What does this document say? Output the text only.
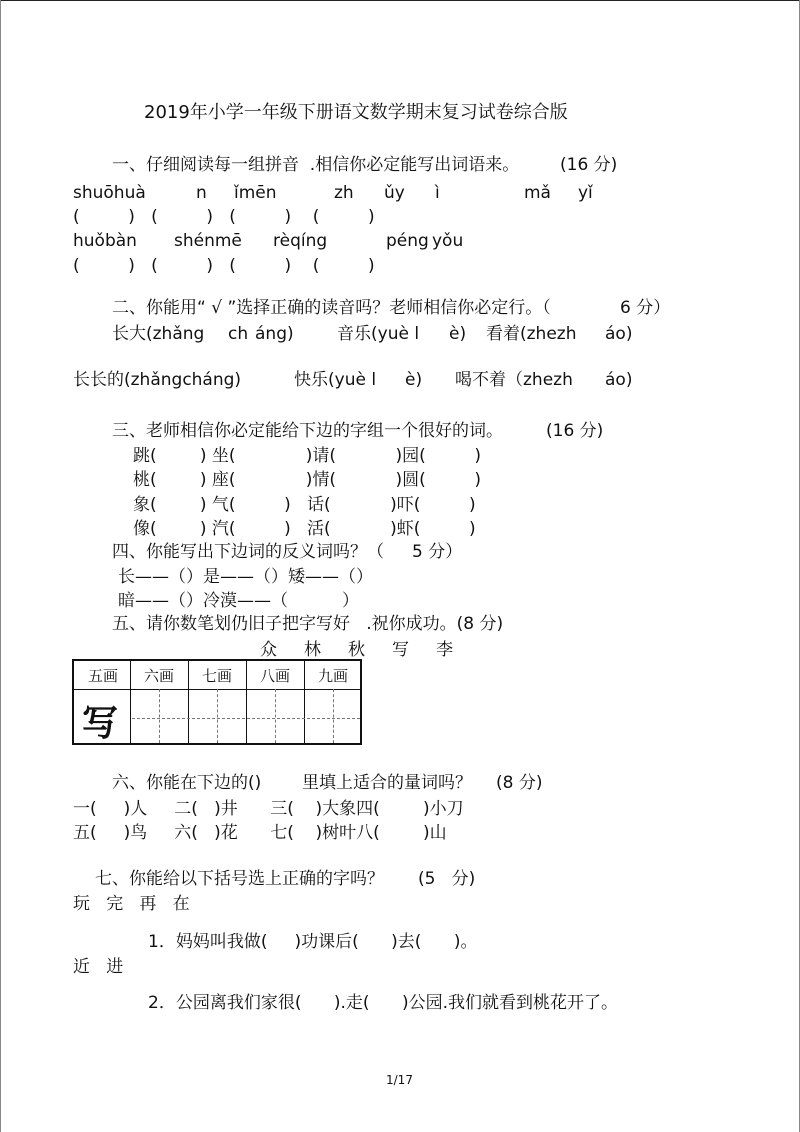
2019年小学一年级下册语文数学期末复习试卷综合版
一、仔细阅读每一组拼音  .相信你必定能写出词语来。 (16 分)
shuōhuà	n ǐmēn	zh ǔy ì	mǎ yǐ
(         )   (         )   (         )    (         )
huǒbàn shénmē rèqíng	péng yǒu
(         )   (         )   (         )    (         )
二、你能用“ √ ”选择正确的读音吗？老师相信你必定行。（	6 分）
长大(zhǎng ch áng)	音乐(yuè l è) 看着(zhezh áo)
长长的(zhǎngcháng)	快乐(yuè l è) 喝不着（zhezh áo)
三、老师相信你必定能给下边的字组一个很好的词。	(16 分)
跳(        ) 坐(             )请(           )园(         )
桃(        ) 座(             )情(           )圆(         )
象(        ) 气(         )   话(           )吓(         )
像(        ) 汽(         )   活(           )虾(         )
四、你能写出下边词的反义词吗？（ 5 分）
长——（）是——（）矮——（）
暗——（）冷漠——（          ）
五、请你数笔划仍旧子把字写好   .祝你成功。(8 分)
众     林     秋     写     李
五画	六画	七画	八画	九画
写
六、你能在下边的() 里填上适合的量词吗？ (8 分)
一(     )人     二(   )井      三(    )大象四(        )小刀
五(     )鸟     六(   )花      七(    )树叶八(        )山
七、你能给以下括号选上正确的字吗？ (5   分)
玩   完   再   在
1．妈妈叫我做(     )功课后(      )去(      )。
近   进
2．公园离我们家很(      ).走(      )公园.我们就看到桃花开了。
1/17
